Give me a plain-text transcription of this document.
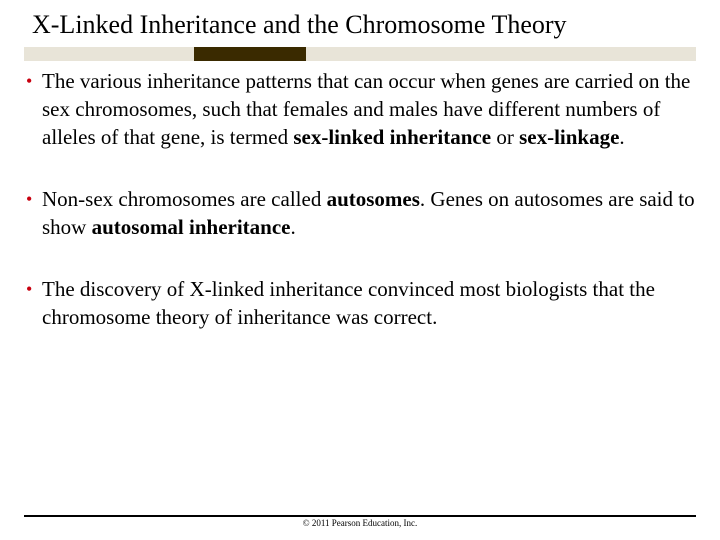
X-Linked Inheritance and the Chromosome Theory

• The various inheritance patterns that can occur when genes are carried on the sex chromosomes, such that females and males have different numbers of alleles of that gene, is termed sex-linked inheritance or sex-linkage.

• Non-sex chromosomes are called autosomes. Genes on autosomes are said to show autosomal inheritance.

• The discovery of X-linked inheritance convinced most biologists that the chromosome theory of inheritance was correct.

© 2011 Pearson Education, Inc.
